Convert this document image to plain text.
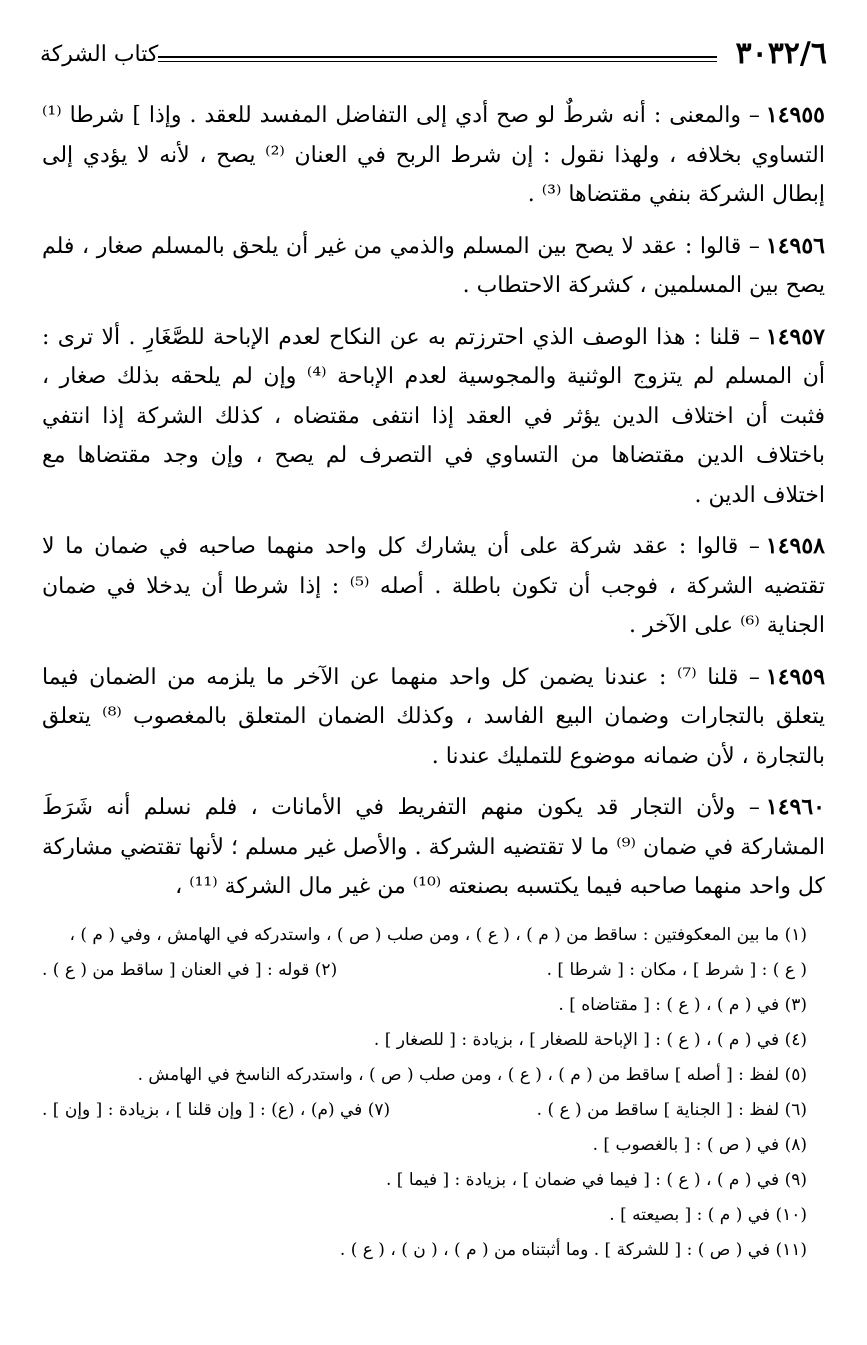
٣٠٣٢/٦
كتاب الشركة

١٤٩٥٥– والمعنى : أنه شرطٌ لو صح أدي إلى التفاضل المفسد للعقد . وإذا ] شرطا ⁽¹⁾ التساوي بخلافه ، ولهذا نقول : إن شرط الربح في العنان ⁽²⁾ يصح ، لأنه لا يؤدي إلى إبطال الشركة بنفي مقتضاها ⁽³⁾ .

١٤٩٥٦– قالوا : عقد لا يصح بين المسلم والذمي من غير أن يلحق بالمسلم صغار ، فلم يصح بين المسلمين ، كشركة الاحتطاب .

١٤٩٥٧– قلنا : هذا الوصف الذي احترزتم به عن النكاح لعدم الإباحة للصَّغَارِ . ألا ترى : أن المسلم لم يتزوج الوثنية والمجوسية لعدم الإباحة ⁽⁴⁾ وإن لم يلحقه بذلك صغار ، فثبت أن اختلاف الدين يؤثر في العقد إذا انتفى مقتضاه ، كذلك الشركة إذا انتفي باختلاف الدين مقتضاها من التساوي في التصرف لم يصح ، وإن وجد مقتضاها مع اختلاف الدين .

١٤٩٥٨– قالوا : عقد شركة على أن يشارك كل واحد منهما صاحبه في ضمان ما لا تقتضيه الشركة ، فوجب أن تكون باطلة . أصله ⁽⁵⁾ : إذا شرطا أن يدخلا في ضمان الجناية ⁽⁶⁾ على الآخر .

١٤٩٥٩– قلنا ⁽⁷⁾ : عندنا يضمن كل واحد منهما عن الآخر ما يلزمه من الضمان فيما يتعلق بالتجارات وضمان البيع الفاسد ، وكذلك الضمان المتعلق بالمغصوب ⁽⁸⁾ يتعلق بالتجارة ، لأن ضمانه موضوع للتمليك عندنا .

١٤٩٦٠– ولأن التجار قد يكون منهم التفريط في الأمانات ، فلم نسلم أنه شَرَطَ المشاركة في ضمان ⁽⁹⁾ ما لا تقتضيه الشركة . والأصل غير مسلم ؛ لأنها تقتضي مشاركة كل واحد منهما صاحبه فيما يكتسبه بصنعته ⁽¹⁰⁾ من غير مال الشركة ⁽¹¹⁾ ،

(١) ما بين المعكوفتين : ساقط من ( م ) ، ( ع ) ، ومن صلب ( ص ) ، واستدركه في الهامش ، وفي ( م ) ،
( ع ) : [ شرط ] ، مكان : [ شرطا ] .
(٢) قوله : [ في العنان [ ساقط من ( ع ) .
(٣) في ( م ) ، ( ع ) : [ مقتاضاه ] .
(٤) في ( م ) ، ( ع ) : [ الإباحة للصغار ] ، بزيادة : [ للصغار ] .
(٥) لفظ : [ أصله ] ساقط من ( م ) ، ( ع ) ، ومن صلب ( ص ) ، واستدركه الناسخ في الهامش .
(٦) لفظ : [ الجناية ] ساقط من ( ع ) .
(٧) في (م) ، (ع) : [ وإن قلنا ] ، بزيادة : [ وإن ] .
(٨) في ( ص ) : [ بالغصوب ] .
(٩) في ( م ) ، ( ع ) : [ فيما في ضمان ] ، بزيادة : [ فيما ] .
(١٠) في ( م ) : [ بصيعته ] .
(١١) في ( ص ) : [ للشركة ] . وما أثبتناه من ( م ) ، ( ن ) ، ( ع ) .
